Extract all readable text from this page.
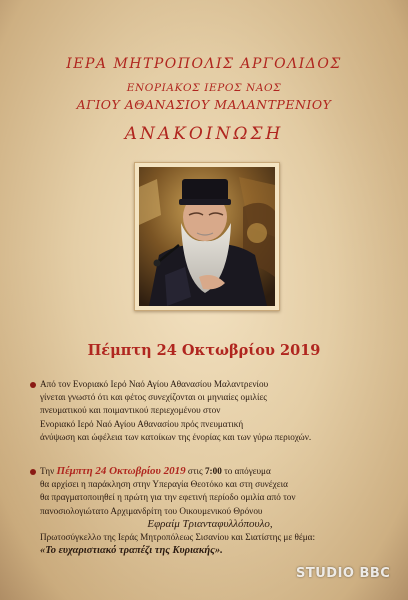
ΙΕΡΑ ΜΗΤΡΟΠΟΛΙΣ ΑΡΓΟΛΙΔΟΣ
ΕΝΟΡΙΑΚΟΣ ΙΕΡΟΣ ΝΑΟΣ
ΑΓΙΟΥ ΑΘΑΝΑΣΙΟΥ ΜΑΛΑΝΤΡΕΝΙΟΥ
ΑΝΑΚΟΙΝΩΣΗ
Πέμπτη 24 Οκτωβρίου 2019
Από τον Ενοριακό Ιερό Ναό Αγίου Αθανασίου Μαλαντρενίου
γίνεται γνωστό ότι και φέτος συνεχίζονται οι μηνιαίες ομιλίες
πνευματικού και ποιμαντικού περιεχομένου στον
Ενοριακό Ιερό Ναό Αγίου Αθανασίου πρός πνευματική
άνύψωση και ώφέλεια των κατοίκων της ένορίας και των γύρω περιοχών.
Την Πέμπτη 24 Οκτωβρίου 2019 στις 7:00 το απόγευμα
θα αρχίσει η παράκληση στην Υπεραγία Θεοτόκο και στη συνέχεια
θα πραγματοποιηθεί η πρώτη για την εφετινή περίοδο ομιλία από τον
πανοσιολογιώτατο Αρχιμανδρίτη του Οικουμενικού Θρόνου
Εφραίμ Τριανταφυλλόπουλο,
Πρωτοσύγκελλο της Ιεράς Μητροπόλεως Σισανίου και Σιατίστης με θέμα:
«Το ευχαριστιακό τραπέζι της Κυριακής».
STUDIO BBC
